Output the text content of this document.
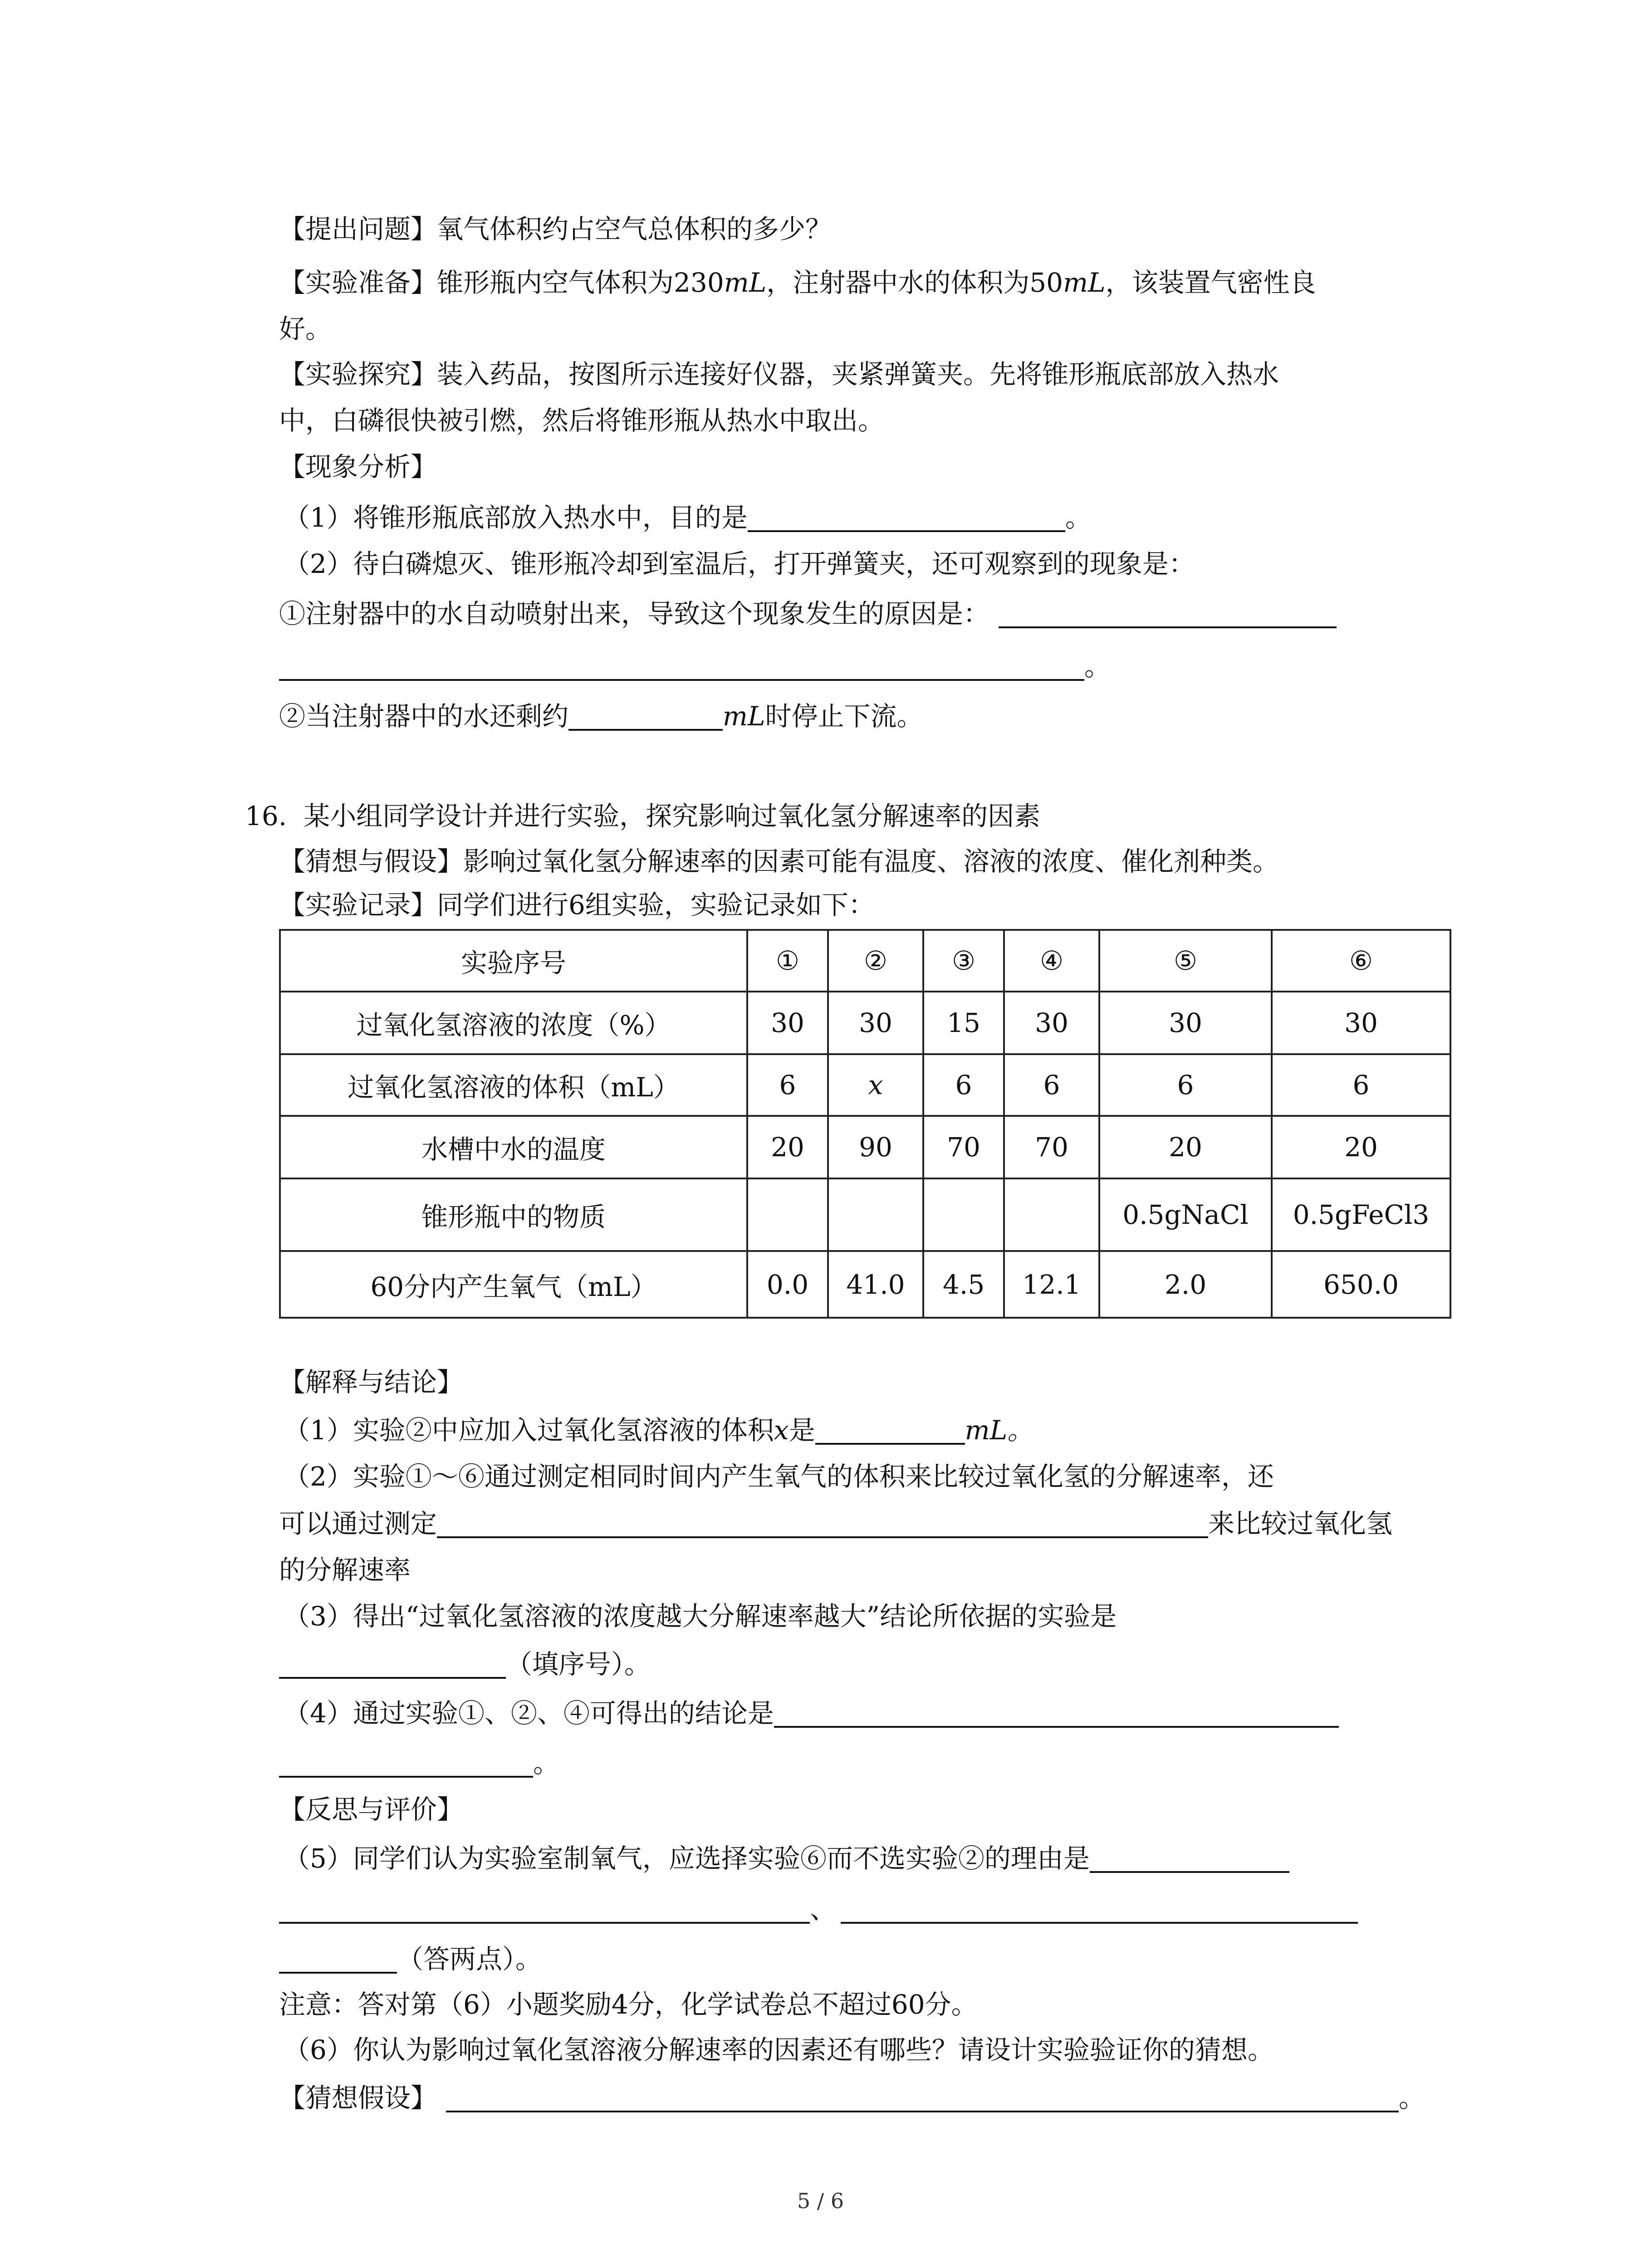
【提出问题】氧气体积约占空气总体积的多少？
【实验准备】锥形瓶内空气体积为230mL，注射器中水的体积为50mL，该装置气密性良
好。
【实验探究】装入药品，按图所示连接好仪器，夹紧弹簧夹。先将锥形瓶底部放入热水
中，白磷很快被引燃，然后将锥形瓶从热水中取出。
【现象分析】
（1）将锥形瓶底部放入热水中，目的是	。
（2）待白磷熄灭、锥形瓶冷却到室温后，打开弹簧夹，还可观察到的现象是：
①注射器中的水自动喷射出来，导致这个现象发生的原因是：
。
②当注射器中的水还剩约	mL时停止下流。
16. 某小组同学设计并进行实验，探究影响过氧化氢分解速率的因素
【猜想与假设】影响过氧化氢分解速率的因素可能有温度、溶液的浓度、催化剂种类。
【实验记录】同学们进行6组实验，实验记录如下：
实验序号	①	②	③	④	⑤	⑥
过氧化氢溶液的浓度（%）	30	30	15	30	30	30
过氧化氢溶液的体积（mL）	6	x	6	6	6	6
水槽中水的温度	20	90	70	70	20	20
锥形瓶中的物质					0.5gNaCl	0.5gFeCl3
60分内产生氧气（mL）	0.0	41.0	4.5	12.1	2.0	650.0
【解释与结论】
（1）实验②中应加入过氧化氢溶液的体积x是	mL。
（2）实验①～⑥通过测定相同时间内产生氧气的体积来比较过氧化氢的分解速率，还
可以通过测定	来比较过氧化氢
的分解速率
（3）得出“过氧化氢溶液的浓度越大分解速率越大”结论所依据的实验是
（填序号）。
（4）通过实验①、②、④可得出的结论是
。
【反思与评价】
（5）同学们认为实验室制氧气，应选择实验⑥而不选实验②的理由是
、
（答两点）。
注意：答对第（6）小题奖励4分，化学试卷总不超过60分。
（6）你认为影响过氧化氢溶液分解速率的因素还有哪些？请设计实验验证你的猜想。
【猜想假设】	。
5 / 6
